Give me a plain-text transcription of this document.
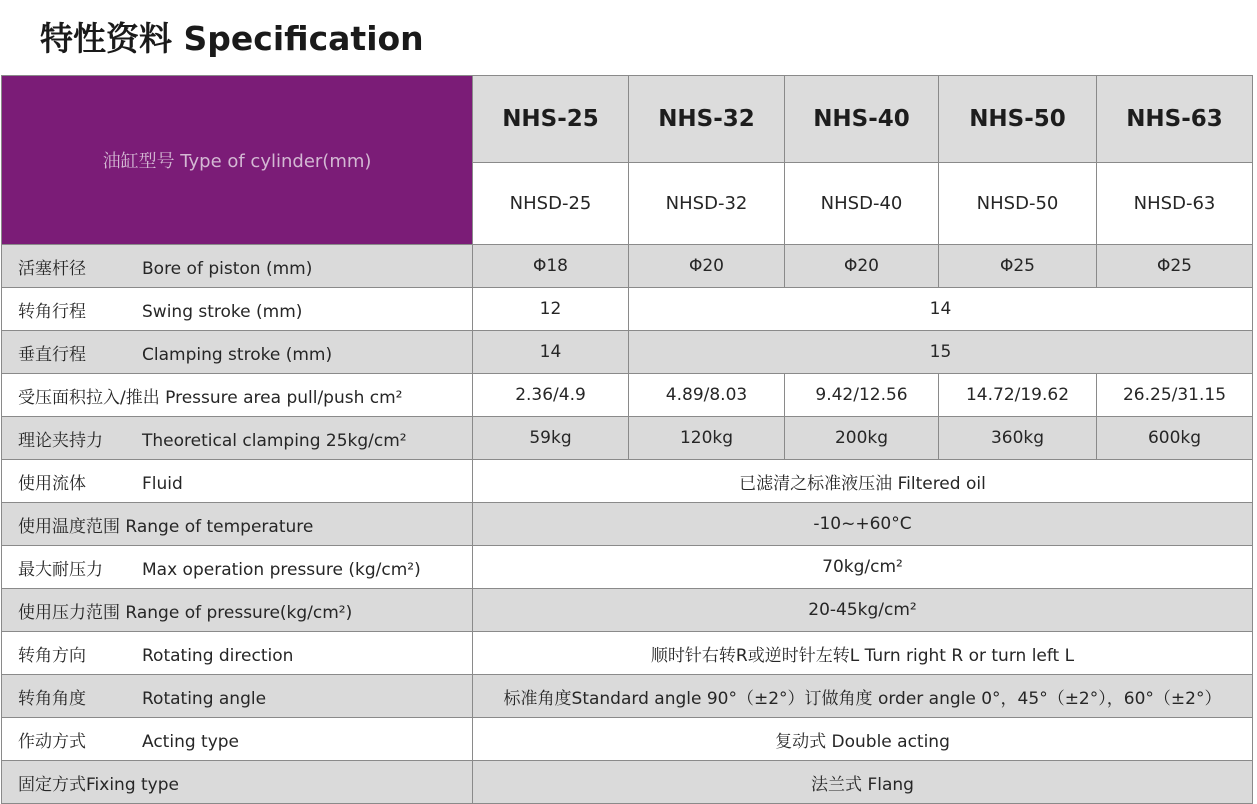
特性资料 Specification
油缸型号 Type of cylinder(mm)	NHS-25	NHS-32	NHS-40	NHS-50	NHS-63
	NHSD-25	NHSD-32	NHSD-40	NHSD-50	NHSD-63
活塞杆径 Bore of piston (mm)	Φ18	Φ20	Φ20	Φ25	Φ25
转角行程 Swing stroke (mm)	12	14			
垂直行程 Clamping stroke (mm)	14	15			
受压面积拉入/推出 Pressure area pull/push cm²	2.36/4.9	4.89/8.03	9.42/12.56	14.72/19.62	26.25/31.15
理论夹持力 Theoretical clamping 25kg/cm²	59kg	120kg	200kg	360kg	600kg
使用流体 Fluid	已滤清之标准液压油 Filtered oil				
使用温度范围 Range of temperature	-10~+60°C				
最大耐压力 Max operation pressure (kg/cm²)	70kg/cm²				
使用压力范围 Range of pressure(kg/cm²)	20-45kg/cm²				
转角方向 Rotating direction	顺时针右转R或逆时针左转L Turn right R or turn left L				
转角角度 Rotating angle	标准角度Standard angle 90°（±2°）订做角度 order angle 0°，45°（±2°），60°（±2°）				
作动方式 Acting type	复动式 Double acting				
固定方式Fixing type	法兰式 Flang				
